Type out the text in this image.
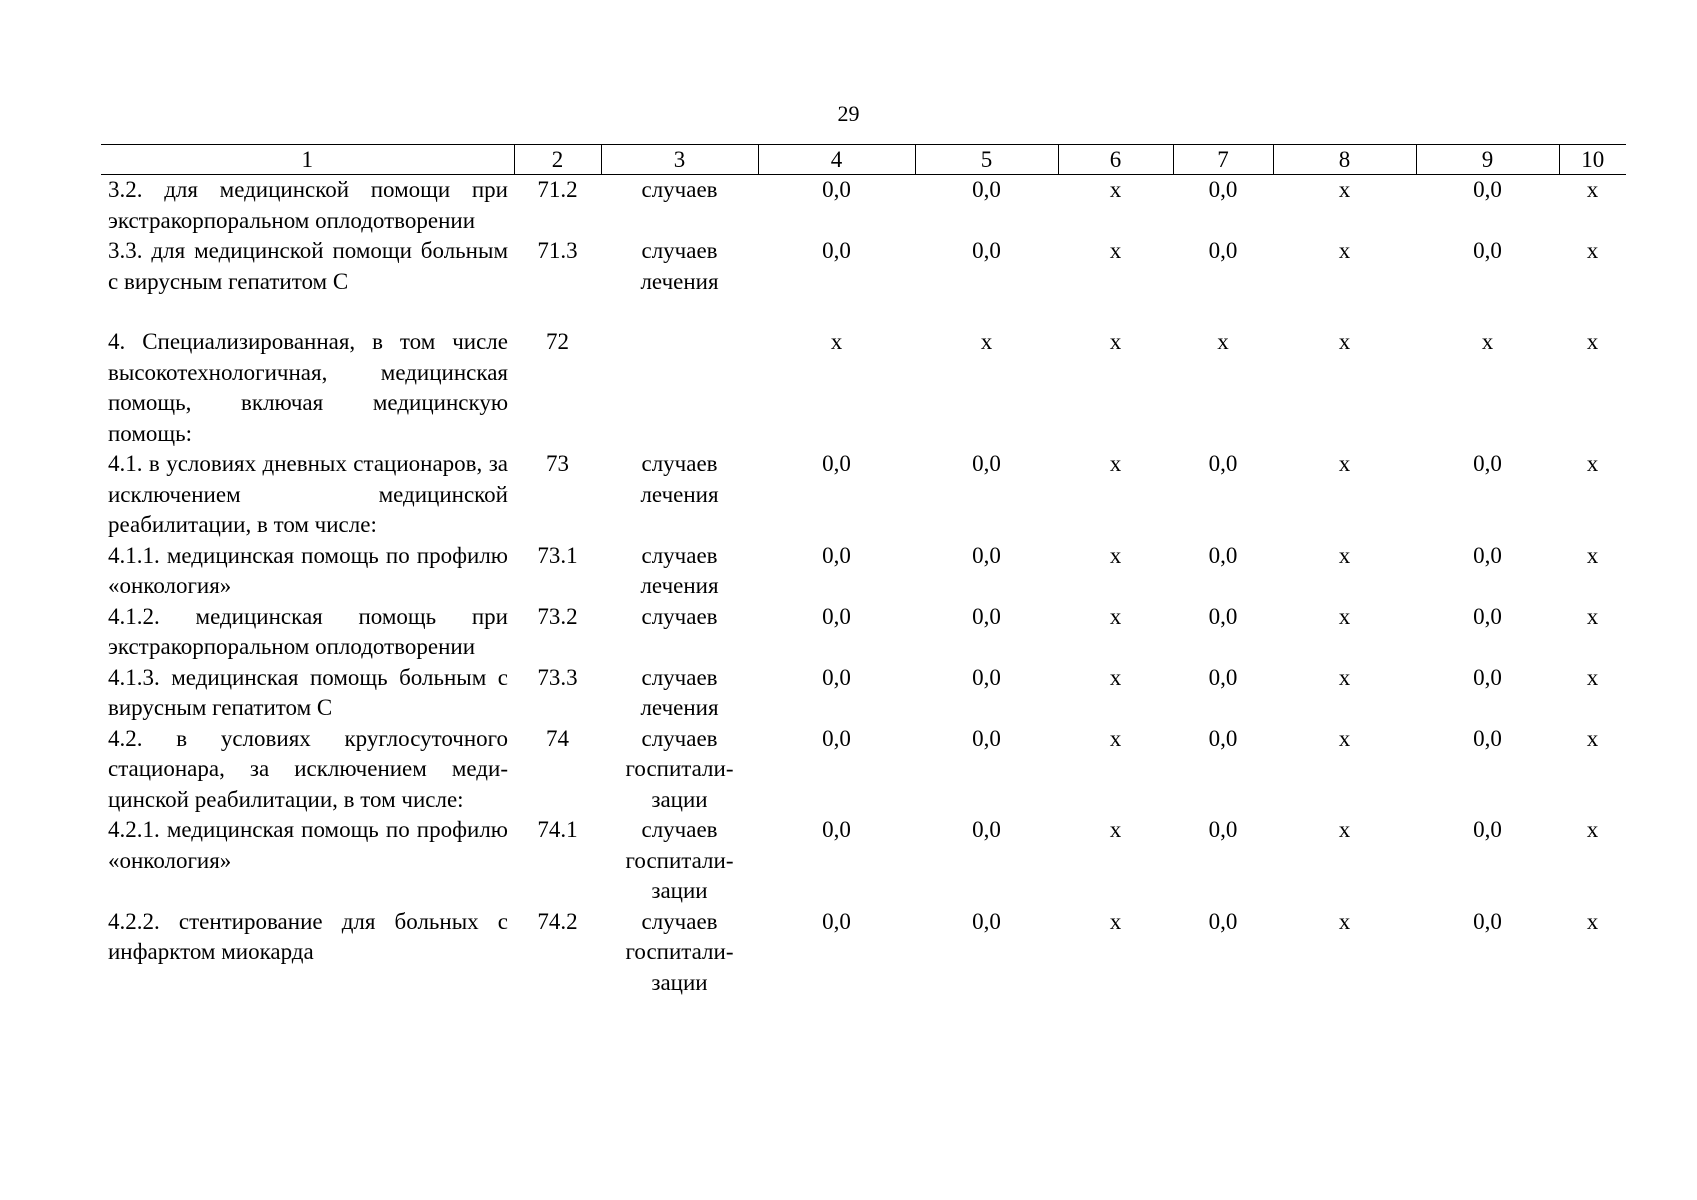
29
1	2	3	4	5	6	7	8	9	10
3.2. для медицинской помощи при экстракорпоральном оплодотворении	71.2	случаев	0,0	0,0	х	0,0	х	0,0	х
3.3. для медицинской помощи больным с вирусным гепатитом С	71.3	случаев лечения	0,0	0,0	х	0,0	х	0,0	х

4. Специализированная, в том числе высокотехнологичная, медицинская помощь, включая медицинскую помощь:	72		х	х	х	х	х	х	х
4.1. в условиях дневных стационаров, за исключением медицинской реабилитации, в том числе:	73	случаев лечения	0,0	0,0	х	0,0	х	0,0	х
4.1.1. медицинская помощь по профилю «онкология»	73.1	случаев лечения	0,0	0,0	х	0,0	х	0,0	х
4.1.2. медицинская помощь при экстракорпоральном оплодотворении	73.2	случаев	0,0	0,0	х	0,0	х	0,0	х
4.1.3. медицинская помощь больным с вирусным гепатитом С	73.3	случаев лечения	0,0	0,0	х	0,0	х	0,0	х
4.2. в условиях круглосуточного стационара, за исключением медицинской реабилитации, в том числе:	74	случаев госпитализации	0,0	0,0	х	0,0	х	0,0	х
4.2.1. медицинская помощь по профилю «онкология»	74.1	случаев госпитализации	0,0	0,0	х	0,0	х	0,0	х
4.2.2. стентирование для больных с инфарктом миокарда	74.2	случаев госпитализации	0,0	0,0	х	0,0	х	0,0	х
